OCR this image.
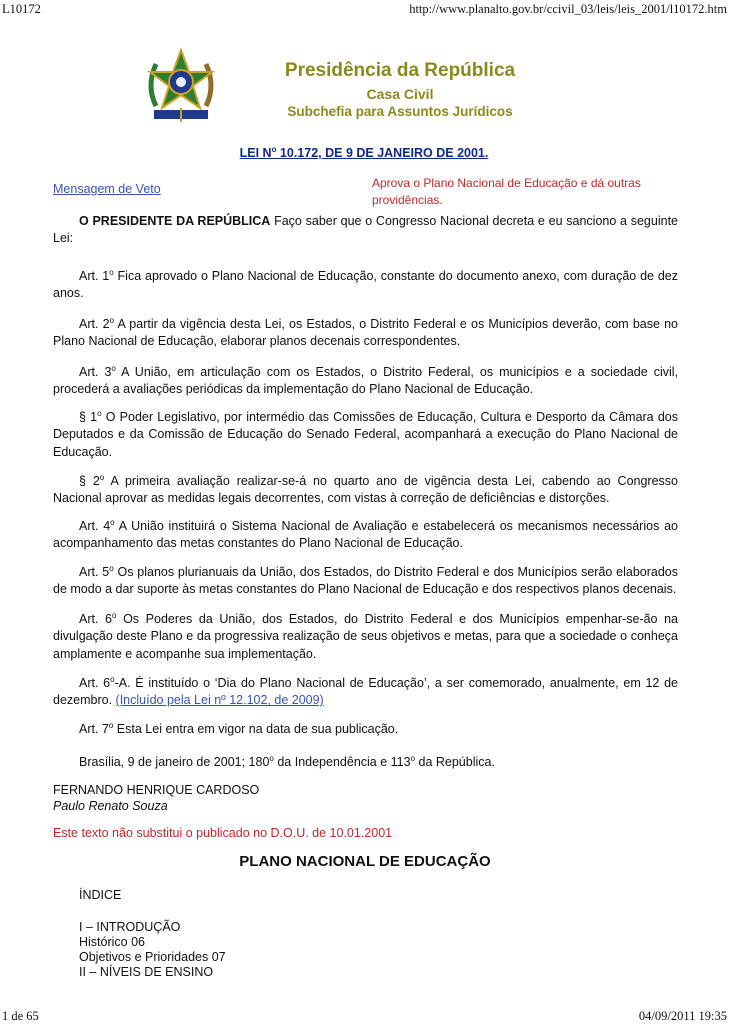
L10172	http://www.planalto.gov.br/ccivil_03/leis/leis_2001/l10172.htm
Presidência da República
Casa Civil
Subchefia para Assuntos Jurídicos
LEI $N^o$ 10.172, DE 9 DE JANEIRO DE 2001.
Mensagem de Veto	Aprova o Plano Nacional de Educação e dá outras providências.
O PRESIDENTE DA REPÚBLICA Faço saber que o Congresso Nacional decreta e eu sanciono a seguinte Lei:
Art. 1$^o$ Fica aprovado o Plano Nacional de Educação, constante do documento anexo, com duração de dez anos.
Art. 2$^o$ A partir da vigência desta Lei, os Estados, o Distrito Federal e os Municípios deverão, com base no Plano Nacional de Educação, elaborar planos decenais correspondentes.
Art. 3$^o$ A União, em articulação com os Estados, o Distrito Federal, os municípios e a sociedade civil, procederá a avaliações periódicas da implementação do Plano Nacional de Educação.
§ 1$^o$ O Poder Legislativo, por intermédio das Comissões de Educação, Cultura e Desporto da Câmara dos Deputados e da Comissão de Educação do Senado Federal, acompanhará a execução do Plano Nacional de Educação.
§ 2$^o$ A primeira avaliação realizar-se-á no quarto ano de vigência desta Lei, cabendo ao Congresso Nacional aprovar as medidas legais decorrentes, com vistas à correção de deficiências e distorções.
Art. 4$^o$ A União instituirá o Sistema Nacional de Avaliação e estabelecerá os mecanismos necessários ao acompanhamento das metas constantes do Plano Nacional de Educação.
Art. 5$^o$ Os planos plurianuais da União, dos Estados, do Distrito Federal e dos Municípios serão elaborados de modo a dar suporte às metas constantes do Plano Nacional de Educação e dos respectivos planos decenais.
Art. 6$^o$ Os Poderes da União, dos Estados, do Distrito Federal e dos Municípios empenhar-se-ão na divulgação deste Plano e da progressiva realização de seus objetivos e metas, para que a sociedade o conheça amplamente e acompanhe sua implementação.
Art. 6$^o$-A. É instituído o ‘Dia do Plano Nacional de Educação’, a ser comemorado, anualmente, em 12 de dezembro. (Incluído pela Lei nº 12.102, de 2009)
Art. 7$^o$ Esta Lei entra em vigor na data de sua publicação.
Brasília, 9 de janeiro de 2001; 180$^o$ da Independência e 113$^o$ da República.
FERNANDO HENRIQUE CARDOSO
Paulo Renato Souza
Este texto não substitui o publicado no D.O.U. de 10.01.2001
PLANO NACIONAL DE EDUCAÇÃO
ÍNDICE
I – INTRODUÇÃO
Histórico 06
Objetivos e Prioridades 07
II – NÍVEIS DE ENSINO
1 de 65	04/09/2011 19:35
